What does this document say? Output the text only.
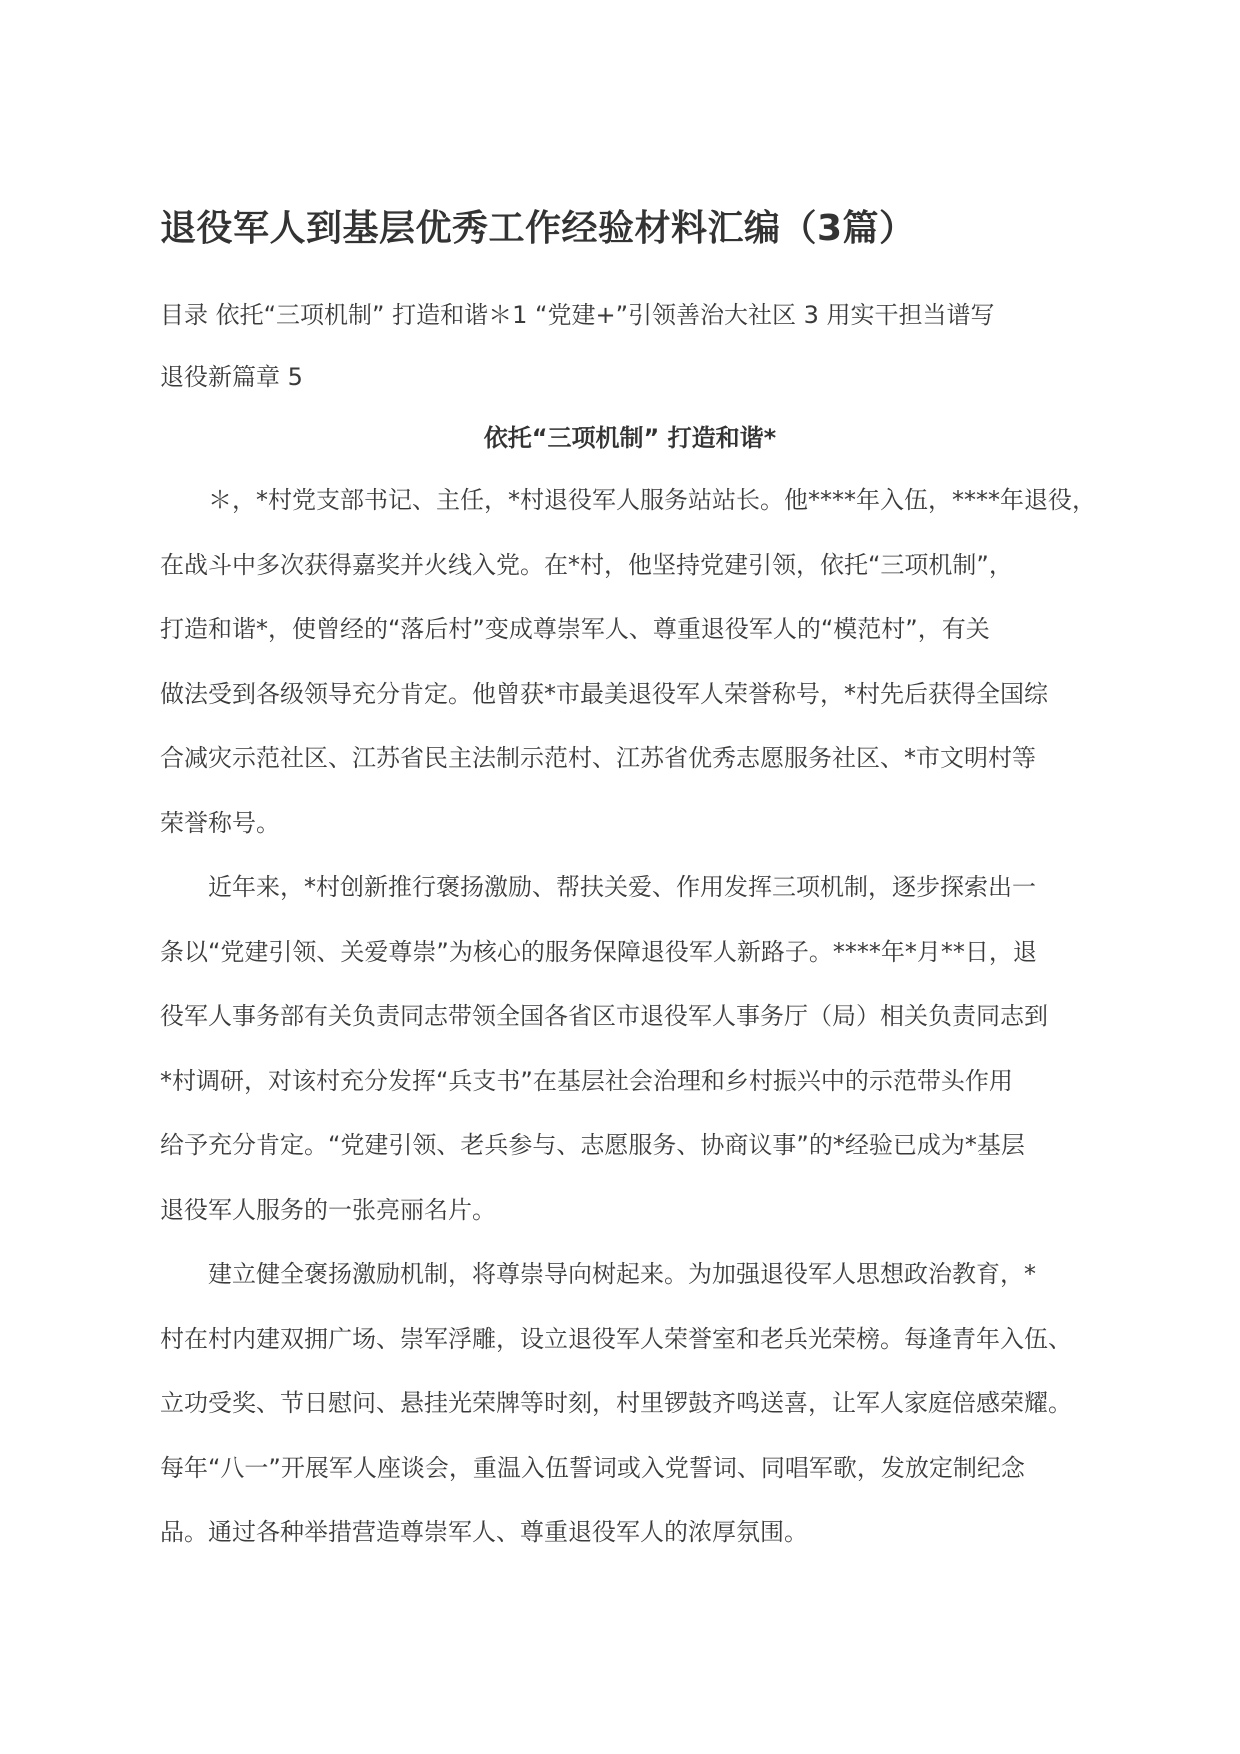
退役军人到基层优秀工作经验材料汇编（3篇）
目录 依托“三项机制” 打造和谐＊1 “党建+”引领善治大社区 3 用实干担当谱写
退役新篇章 5
依托“三项机制” 打造和谐*
＊，*村党支部书记、主任，*村退役军人服务站站长。他****年入伍，****年退役，
在战斗中多次获得嘉奖并火线入党。在*村，他坚持党建引领，依托“三项机制”，
打造和谐*，使曾经的“落后村”变成尊崇军人、尊重退役军人的“模范村”，有关
做法受到各级领导充分肯定。他曾获*市最美退役军人荣誉称号，*村先后获得全国综
合减灾示范社区、江苏省民主法制示范村、江苏省优秀志愿服务社区、*市文明村等
荣誉称号。
近年来，*村创新推行褒扬激励、帮扶关爱、作用发挥三项机制，逐步探索出一
条以“党建引领、关爱尊崇”为核心的服务保障退役军人新路子。****年*月**日，退
役军人事务部有关负责同志带领全国各省区市退役军人事务厅（局）相关负责同志到
*村调研，对该村充分发挥“兵支书”在基层社会治理和乡村振兴中的示范带头作用
给予充分肯定。“党建引领、老兵参与、志愿服务、协商议事”的*经验已成为*基层
退役军人服务的一张亮丽名片。
建立健全褒扬激励机制，将尊崇导向树起来。为加强退役军人思想政治教育，*
村在村内建双拥广场、崇军浮雕，设立退役军人荣誉室和老兵光荣榜。每逢青年入伍、
立功受奖、节日慰问、悬挂光荣牌等时刻，村里锣鼓齐鸣送喜，让军人家庭倍感荣耀。
每年“八一”开展军人座谈会，重温入伍誓词或入党誓词、同唱军歌，发放定制纪念
品。通过各种举措营造尊崇军人、尊重退役军人的浓厚氛围。
